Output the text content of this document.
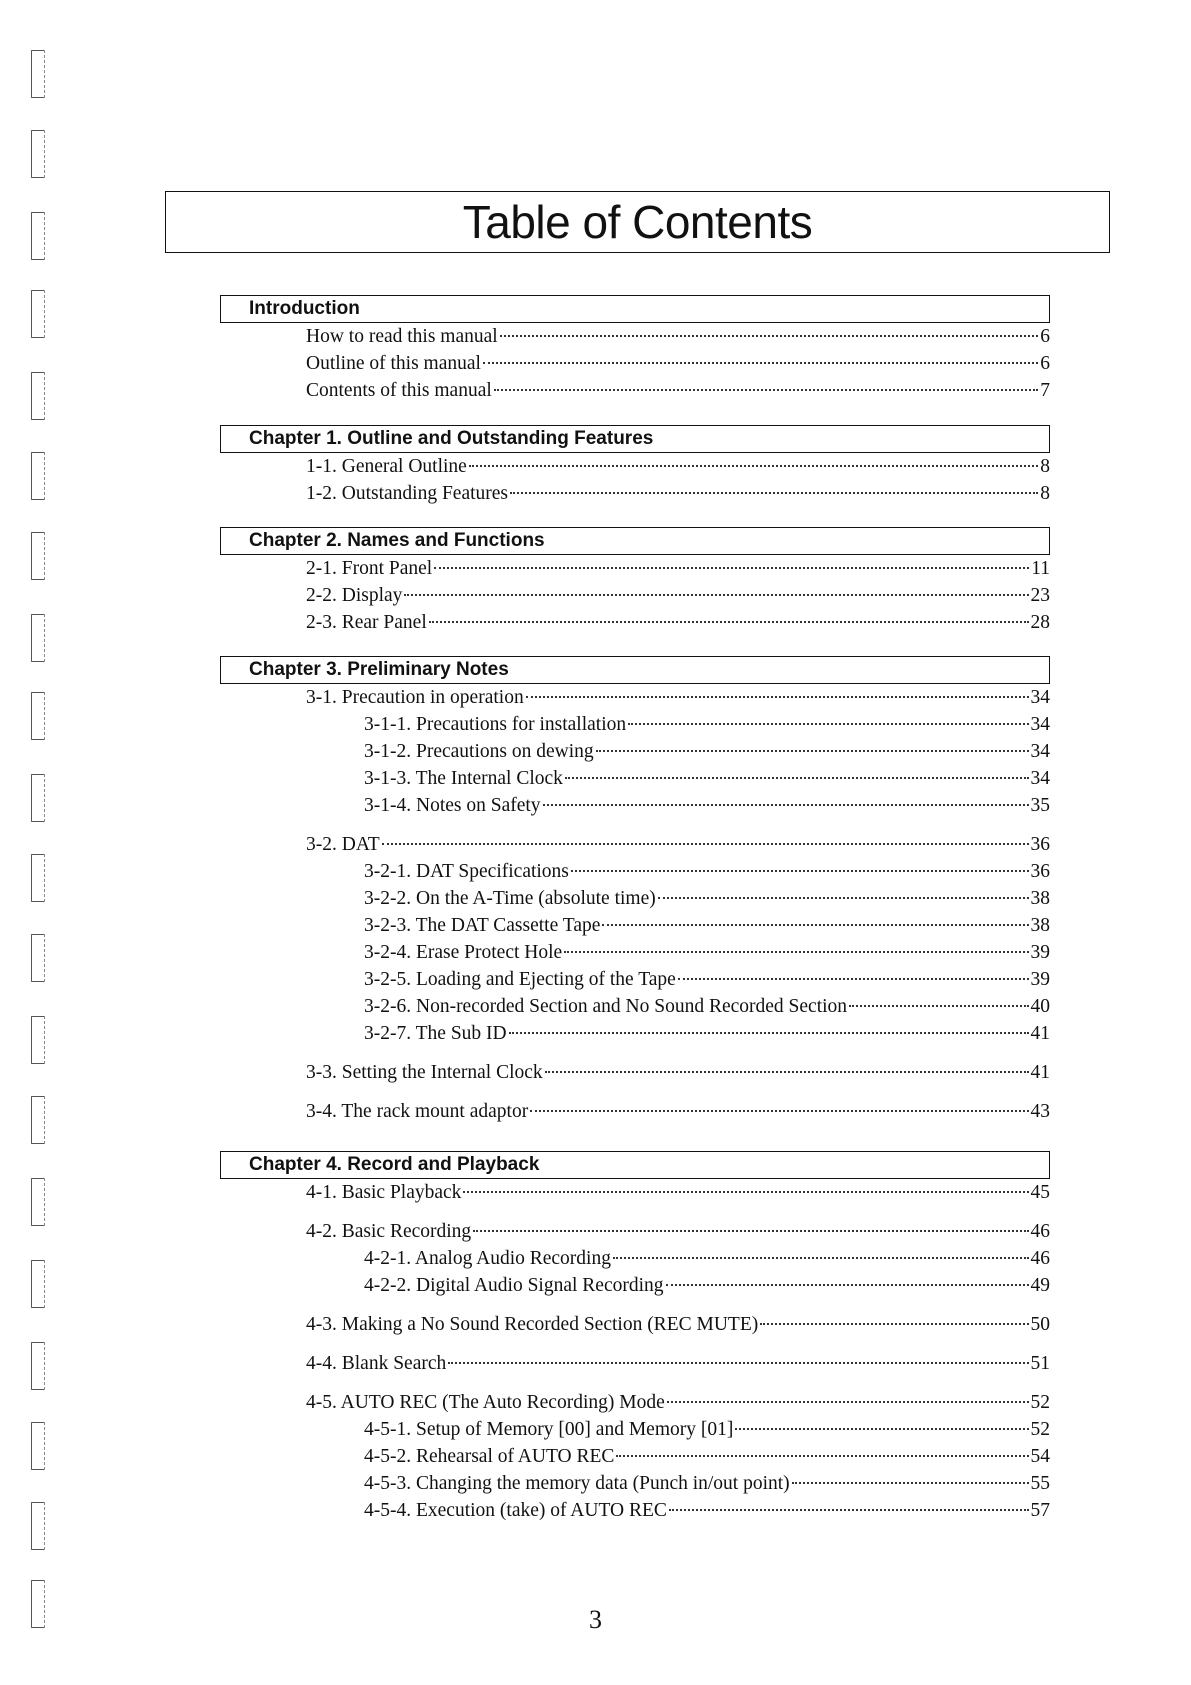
Table of Contents
Introduction
How to read this manual	6
Outline of this manual	6
Contents of this manual	7
Chapter 1. Outline and Outstanding Features
1-1. General Outline	8
1-2. Outstanding Features	8
Chapter 2. Names and Functions
2-1. Front Panel	11
2-2. Display	23
2-3. Rear Panel	28
Chapter 3. Preliminary Notes
3-1. Precaution in operation	34
3-1-1. Precautions for installation	34
3-1-2. Precautions on dewing	34
3-1-3. The Internal Clock	34
3-1-4. Notes on Safety	35
3-2. DAT	36
3-2-1. DAT Specifications	36
3-2-2. On the A-Time (absolute time)	38
3-2-3. The DAT Cassette Tape	38
3-2-4. Erase Protect Hole	39
3-2-5. Loading and Ejecting of the Tape	39
3-2-6. Non-recorded Section and No Sound Recorded Section	40
3-2-7. The Sub ID	41
3-3. Setting the Internal Clock	41
3-4. The rack mount adaptor	43
Chapter 4. Record and Playback
4-1. Basic Playback	45
4-2. Basic Recording	46
4-2-1. Analog Audio Recording	46
4-2-2. Digital Audio Signal Recording	49
4-3. Making a No Sound Recorded Section (REC MUTE)	50
4-4. Blank Search	51
4-5. AUTO REC (The Auto Recording) Mode	52
4-5-1. Setup of Memory [00] and Memory [01]	52
4-5-2. Rehearsal of AUTO REC	54
4-5-3. Changing the memory data (Punch in/out point)	55
4-5-4. Execution (take) of AUTO REC	57
3
